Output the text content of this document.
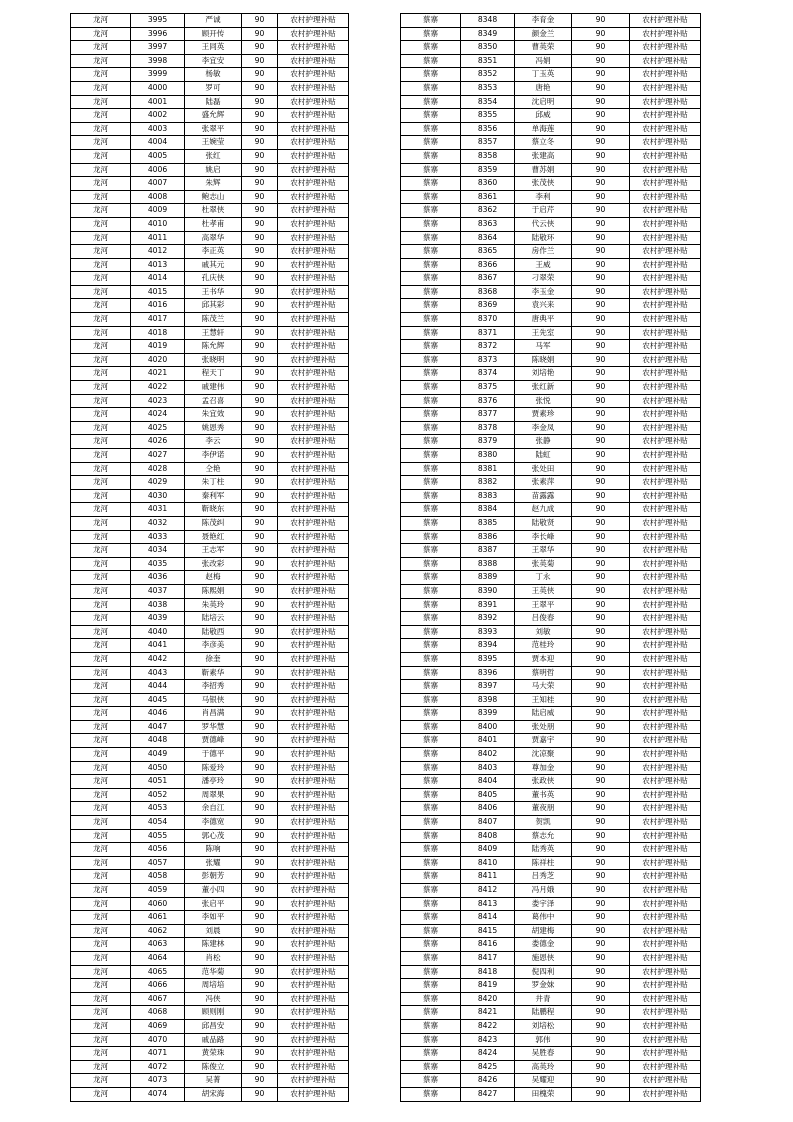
龙河	3995	严诚	90	农村护理补贴
龙河	3996	顾开传	90	农村护理补贴
龙河	3997	王同英	90	农村护理补贴
龙河	3998	李宜安	90	农村护理补贴
龙河	3999	杨敏	90	农村护理补贴
龙河	4000	罗可	90	农村护理补贴
龙河	4001	陆磊	90	农村护理补贴
龙河	4002	盛允辉	90	农村护理补贴
龙河	4003	张翠平	90	农村护理补贴
龙河	4004	王婉莹	90	农村护理补贴
龙河	4005	张红	90	农村护理补贴
龙河	4006	姚启	90	农村护理补贴
龙河	4007	朱辉	90	农村护理补贴
龙河	4008	鲍志山	90	农村护理补贴
龙河	4009	杜翠侠	90	农村护理补贴
龙河	4010	杜孝甫	90	农村护理补贴
龙河	4011	高翠华	90	农村护理补贴
龙河	4012	李正英	90	农村护理补贴
龙河	4013	戚其元	90	农村护理补贴
龙河	4014	孔庆侠	90	农村护理补贴
龙河	4015	王书华	90	农村护理补贴
龙河	4016	邱其彩	90	农村护理补贴
龙河	4017	陈茂兰	90	农村护理补贴
龙河	4018	王慧轩	90	农村护理补贴
龙河	4019	陈允辉	90	农村护理补贴
龙河	4020	张晓明	90	农村护理补贴
龙河	4021	程天丁	90	农村护理补贴
龙河	4022	戚建伟	90	农村护理补贴
龙河	4023	孟召喜	90	农村护理补贴
龙河	4024	朱宜效	90	农村护理补贴
龙河	4025	姚恩秀	90	农村护理补贴
龙河	4026	李云	90	农村护理补贴
龙河	4027	李伊诺	90	农村护理补贴
龙河	4028	仝艳	90	农村护理补贴
龙河	4029	朱丁柱	90	农村护理补贴
龙河	4030	秦利军	90	农村护理补贴
龙河	4031	靳晓东	90	农村护理补贴
龙河	4032	陈茂纠	90	农村护理补贴
龙河	4033	聂艳红	90	农村护理补贴
龙河	4034	王志军	90	农村护理补贴
龙河	4035	张改彩	90	农村护理补贴
龙河	4036	赵梅	90	农村护理补贴
龙河	4037	陈熙娟	90	农村护理补贴
龙河	4038	朱英玲	90	农村护理补贴
龙河	4039	陆培云	90	农村护理补贴
龙河	4040	陆敬西	90	农村护理补贴
龙河	4041	李彦美	90	农村护理补贴
龙河	4042	徐奎	90	农村护理补贴
龙河	4043	靳素华	90	农村护理补贴
龙河	4044	李招秀	90	农村护理补贴
龙河	4045	马银侠	90	农村护理补贴
龙河	4046	肖昌满	90	农村护理补贴
龙河	4047	罗华慧	90	农村护理补贴
龙河	4048	贾德峰	90	农村护理补贴
龙河	4049	于德平	90	农村护理补贴
龙河	4050	陈爱玲	90	农村护理补贴
龙河	4051	潘亭玲	90	农村护理补贴
龙河	4052	周翠果	90	农村护理补贴
龙河	4053	余自江	90	农村护理补贴
龙河	4054	李德宽	90	农村护理补贴
龙河	4055	郭心茂	90	农村护理补贴
龙河	4056	陈响	90	农村护理补贴
龙河	4057	张耀	90	农村护理补贴
龙河	4058	彭朝芳	90	农村护理补贴
龙河	4059	董小四	90	农村护理补贴
龙河	4060	张启平	90	农村护理补贴
龙河	4061	李如平	90	农村护理补贴
龙河	4062	刘晨	90	农村护理补贴
龙河	4063	陈建林	90	农村护理补贴
龙河	4064	肖松	90	农村护理补贴
龙河	4065	范华菊	90	农村护理补贴
龙河	4066	周培培	90	农村护理补贴
龙河	4067	冯侠	90	农村护理补贴
龙河	4068	顾则刚	90	农村护理补贴
龙河	4069	邱昌安	90	农村护理补贴
龙河	4070	戚品路	90	农村护理补贴
龙河	4071	黄荣珠	90	农村护理补贴
龙河	4072	陈俊立	90	农村护理补贴
龙河	4073	吴菁	90	农村护理补贴
龙河	4074	胡宋海	90	农村护理补贴
蔡寨	8348	李育金	90	农村护理补贴
蔡寨	8349	颜金兰	90	农村护理补贴
蔡寨	8350	曹英荣	90	农村护理补贴
蔡寨	8351	冯娟	90	农村护理补贴
蔡寨	8352	丁玉英	90	农村护理补贴
蔡寨	8353	唐艳	90	农村护理补贴
蔡寨	8354	沈启明	90	农村护理补贴
蔡寨	8355	邱威	90	农村护理补贴
蔡寨	8356	单海莲	90	农村护理补贴
蔡寨	8357	蔡立冬	90	农村护理补贴
蔡寨	8358	张建高	90	农村护理补贴
蔡寨	8359	曹苏娟	90	农村护理补贴
蔡寨	8360	张茂侠	90	农村护理补贴
蔡寨	8361	李利	90	农村护理补贴
蔡寨	8362	于启芹	90	农村护理补贴
蔡寨	8363	代云侠	90	农村护理补贴
蔡寨	8364	陆敬环	90	农村护理补贴
蔡寨	8365	房作兰	90	农村护理补贴
蔡寨	8366	王威	90	农村护理补贴
蔡寨	8367	刁翠荣	90	农村护理补贴
蔡寨	8368	李玉金	90	农村护理补贴
蔡寨	8369	袁兴来	90	农村护理补贴
蔡寨	8370	唐典平	90	农村护理补贴
蔡寨	8371	王先室	90	农村护理补贴
蔡寨	8372	马军	90	农村护理补贴
蔡寨	8373	陈晓娟	90	农村护理补贴
蔡寨	8374	刘培艳	90	农村护理补贴
蔡寨	8375	张红新	90	农村护理补贴
蔡寨	8376	张悦	90	农村护理补贴
蔡寨	8377	贾素珍	90	农村护理补贴
蔡寨	8378	李金凤	90	农村护理补贴
蔡寨	8379	张静	90	农村护理补贴
蔡寨	8380	陆虹	90	农村护理补贴
蔡寨	8381	张处田	90	农村护理补贴
蔡寨	8382	张素萍	90	农村护理补贴
蔡寨	8383	苗露露	90	农村护理补贴
蔡寨	8384	赵九成	90	农村护理补贴
蔡寨	8385	陆敬贤	90	农村护理补贴
蔡寨	8386	李长峰	90	农村护理补贴
蔡寨	8387	王翠华	90	农村护理补贴
蔡寨	8388	张英菊	90	农村护理补贴
蔡寨	8389	丁永	90	农村护理补贴
蔡寨	8390	王英侠	90	农村护理补贴
蔡寨	8391	王翠平	90	农村护理补贴
蔡寨	8392	吕俊春	90	农村护理补贴
蔡寨	8393	刘敏	90	农村护理补贴
蔡寨	8394	范桂玲	90	农村护理补贴
蔡寨	8395	贾本迎	90	农村护理补贴
蔡寨	8396	蔡明哲	90	农村护理补贴
蔡寨	8397	马大荣	90	农村护理补贴
蔡寨	8398	王知桂	90	农村护理补贴
蔡寨	8399	陆启威	90	农村护理补贴
蔡寨	8400	张处朋	90	农村护理补贴
蔡寨	8401	贾嘉宇	90	农村护理补贴
蔡寨	8402	沈凉聚	90	农村护理补贴
蔡寨	8403	尊加金	90	农村护理补贴
蔡寨	8404	张政侠	90	农村护理补贴
蔡寨	8405	董书英	90	农村护理补贴
蔡寨	8406	董夜朋	90	农村护理补贴
蔡寨	8407	贺凯	90	农村护理补贴
蔡寨	8408	蔡志允	90	农村护理补贴
蔡寨	8409	陆秀英	90	农村护理补贴
蔡寨	8410	陈祥柱	90	农村护理补贴
蔡寨	8411	吕秀芝	90	农村护理补贴
蔡寨	8412	冯月娥	90	农村护理补贴
蔡寨	8413	娄宇泽	90	农村护理补贴
蔡寨	8414	葛伟中	90	农村护理补贴
蔡寨	8415	胡建梅	90	农村护理补贴
蔡寨	8416	娄德金	90	农村护理补贴
蔡寨	8417	施恩侠	90	农村护理补贴
蔡寨	8418	倪四利	90	农村护理补贴
蔡寨	8419	罗金妹	90	农村护理补贴
蔡寨	8420	井青	90	农村护理补贴
蔡寨	8421	陆鹏程	90	农村护理补贴
蔡寨	8422	刘培松	90	农村护理补贴
蔡寨	8423	郭伟	90	农村护理补贴
蔡寨	8424	吴胜春	90	农村护理补贴
蔡寨	8425	高英玲	90	农村护理补贴
蔡寨	8426	吴耀迎	90	农村护理补贴
蔡寨	8427	田槐荣	90	农村护理补贴
